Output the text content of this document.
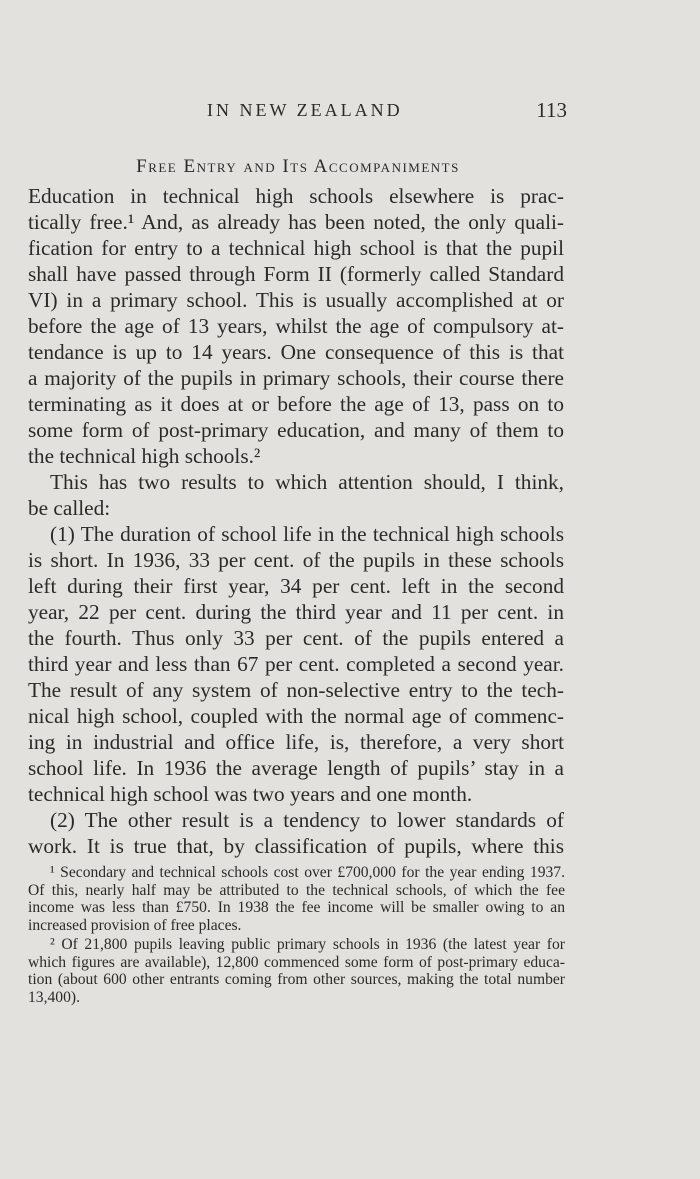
IN NEW ZEALAND	113
Free Entry and Its Accompaniments
Education in technical high schools elsewhere is prac-
tically free.¹ And, as already has been noted, the only quali-
fication for entry to a technical high school is that the pupil
shall have passed through Form II (formerly called Standard
VI) in a primary school. This is usually accomplished at or
before the age of 13 years, whilst the age of compulsory at-
tendance is up to 14 years. One consequence of this is that
a majority of the pupils in primary schools, their course there
terminating as it does at or before the age of 13, pass on to
some form of post-primary education, and many of them to
the technical high schools.²
This has two results to which attention should, I think,
be called:
(1) The duration of school life in the technical high schools
is short. In 1936, 33 per cent. of the pupils in these schools
left during their first year, 34 per cent. left in the second
year, 22 per cent. during the third year and 11 per cent. in
the fourth. Thus only 33 per cent. of the pupils entered a
third year and less than 67 per cent. completed a second year.
The result of any system of non-selective entry to the tech-
nical high school, coupled with the normal age of commenc-
ing in industrial and office life, is, therefore, a very short
school life. In 1936 the average length of pupils’ stay in a
technical high school was two years and one month.
(2) The other result is a tendency to lower standards of
work. It is true that, by classification of pupils, where this
¹ Secondary and technical schools cost over £700,000 for the year ending 1937.
Of this, nearly half may be attributed to the technical schools, of which the fee
income was less than £750. In 1938 the fee income will be smaller owing to an
increased provision of free places.
² Of 21,800 pupils leaving public primary schools in 1936 (the latest year for
which figures are available), 12,800 commenced some form of post-primary educa-
tion (about 600 other entrants coming from other sources, making the total number
13,400).
